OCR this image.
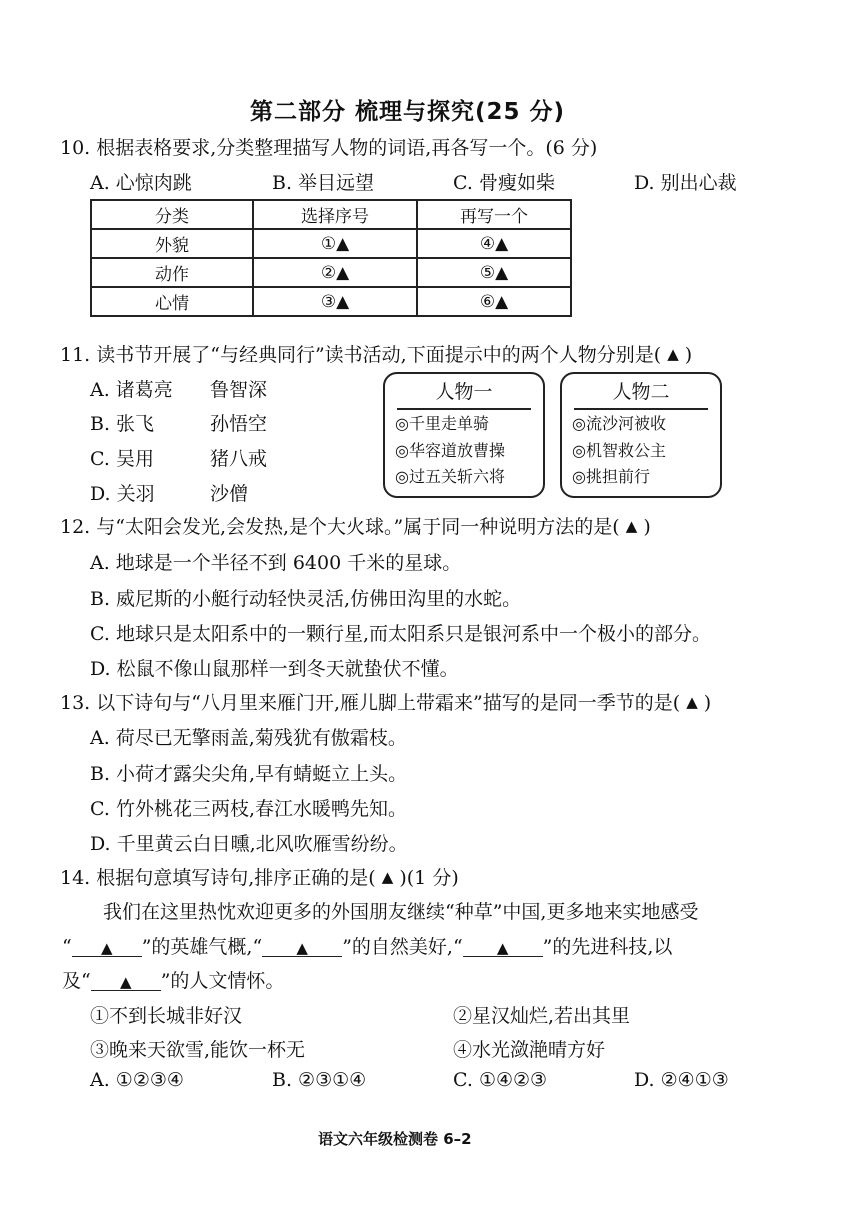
第二部分 梳理与探究(25 分)
10. 根据表格要求,分类整理描写人物的词语,再各写一个。(6 分)
A. 心惊肉跳	B. 举目远望	C. 骨瘦如柴	D. 别出心裁
分类	选择序号	再写一个
外貌	①▲	④▲
动作	②▲	⑤▲
心情	③▲	⑥▲
11. 读书节开展了“与经典同行”读书活动,下面提示中的两个人物分别是( ▲ )
A. 诸葛亮 鲁智深
B. 张飞	孙悟空
C. 吴用	猪八戒
D. 关羽	沙僧
人物一
◎千里走单骑
◎华容道放曹操
◎过五关斩六将
人物二
◎流沙河被收
◎机智救公主
◎挑担前行
12. 与“太阳会发光,会发热,是个大火球。”属于同一种说明方法的是( ▲ )
A. 地球是一个半径不到 6400 千米的星球。
B. 威尼斯的小艇行动轻快灵活,仿佛田沟里的水蛇。
C. 地球只是太阳系中的一颗行星,而太阳系只是银河系中一个极小的部分。
D. 松鼠不像山鼠那样一到冬天就蛰伏不懂。
13. 以下诗句与“八月里来雁门开,雁儿脚上带霜来”描写的是同一季节的是( ▲ )
A. 荷尽已无擎雨盖,菊残犹有傲霜枝。
B. 小荷才露尖尖角,早有蜻蜓立上头。
C. 竹外桃花三两枝,春江水暖鸭先知。
D. 千里黄云白日曛,北风吹雁雪纷纷。
14. 根据句意填写诗句,排序正确的是( ▲ )(1 分)
我们在这里热忱欢迎更多的外国朋友继续“种草”中国,更多地来实地感受
“ ▲ ”的英雄气概,“ ▲ ”的自然美好,“ ▲ ”的先进科技,以
及“ ▲ ”的人文情怀。
①不到长城非好汉	②星汉灿烂,若出其里
③晚来天欲雪,能饮一杯无	④水光潋滟晴方好
A. ①②③④	B. ②③①④	C. ①④②③	D. ②④①③
语文六年级检测卷 6–2
